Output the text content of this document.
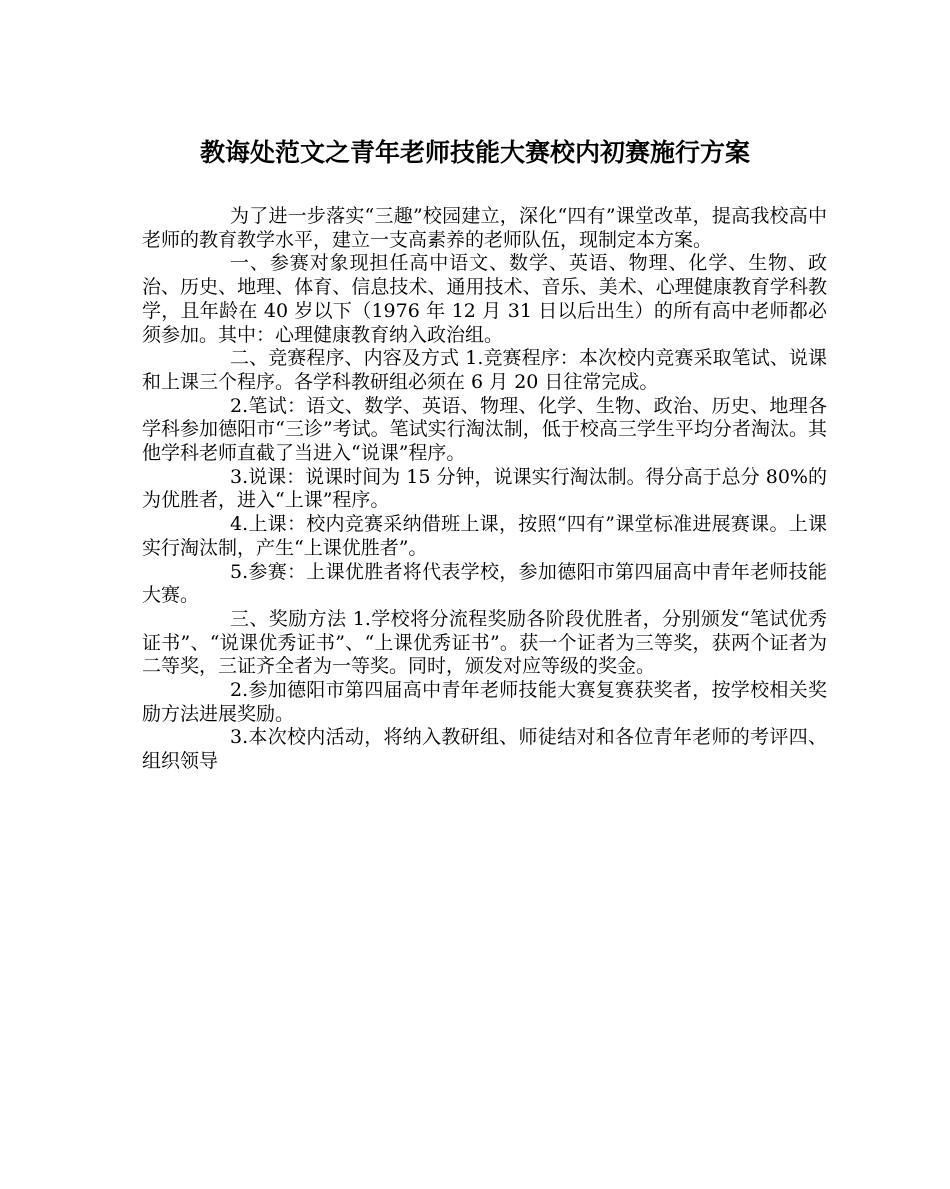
教诲处范文之青年老师技能大赛校内初赛施行方案

为了进一步落实“三趣”校园建立，深化“四有”课堂改革，提高我校高中老师的教育教学水平，建立一支高素养的老师队伍，现制定本方案。

一、参赛对象现担任高中语文、数学、英语、物理、化学、生物、政治、历史、地理、体育、信息技术、通用技术、音乐、美术、心理健康教育学科教学，且年龄在 40 岁以下（1976 年 12 月 31 日以后出生）的所有高中老师都必须参加。其中：心理健康教育纳入政治组。

二、竞赛程序、内容及方式 1.竞赛程序：本次校内竞赛采取笔试、说课和上课三个程序。各学科教研组必须在 6 月 20 日往常完成。

2.笔试：语文、数学、英语、物理、化学、生物、政治、历史、地理各学科参加德阳市“三诊”考试。笔试实行淘汰制，低于校高三学生平均分者淘汰。其他学科老师直截了当进入“说课”程序。

3.说课：说课时间为 15 分钟，说课实行淘汰制。得分高于总分 80%的为优胜者，进入“上课”程序。

4.上课：校内竞赛采纳借班上课，按照“四有”课堂标准进展赛课。上课实行淘汰制，产生“上课优胜者”。

5.参赛：上课优胜者将代表学校，参加德阳市第四届高中青年老师技能大赛。

三、奖励方法 1.学校将分流程奖励各阶段优胜者，分别颁发“笔试优秀证书”、“说课优秀证书”、“上课优秀证书”。获一个证者为三等奖，获两个证者为二等奖，三证齐全者为一等奖。同时，颁发对应等级的奖金。

2.参加德阳市第四届高中青年老师技能大赛复赛获奖者，按学校相关奖励方法进展奖励。

3.本次校内活动，将纳入教研组、师徒结对和各位青年老师的考评四、组织领导
